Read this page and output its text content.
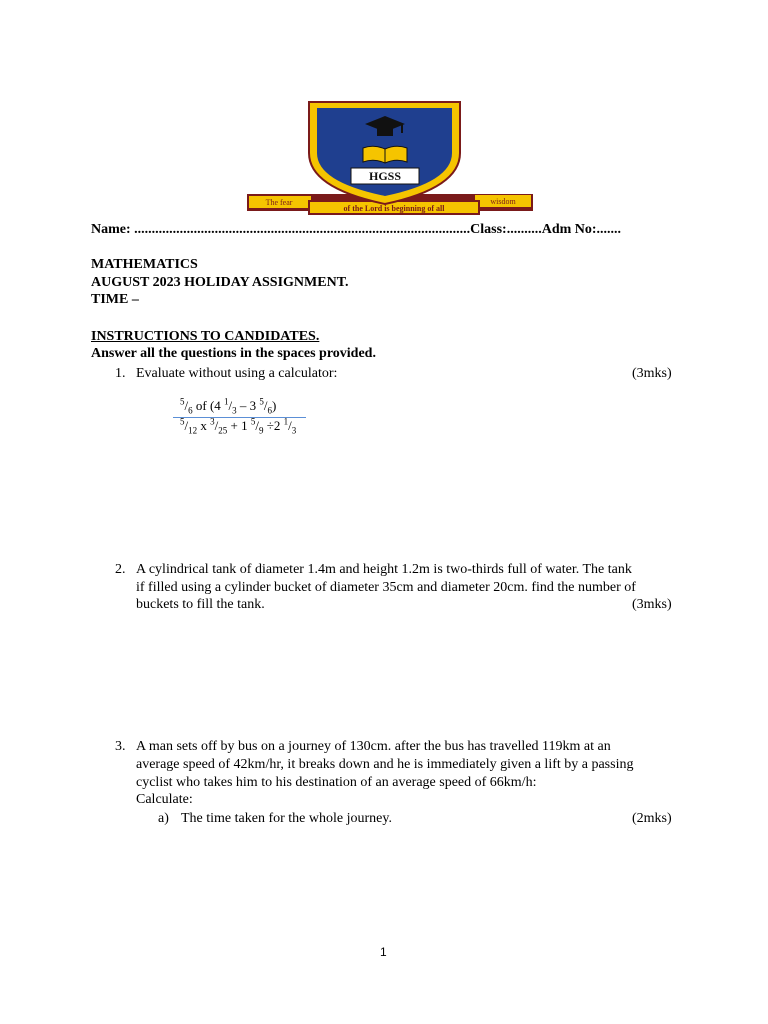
HGSS
The fear
of the Lord is beginning of all
wisdom
Name: ................................................................................................Class:..........Adm No:.......
MATHEMATICS
AUGUST 2023 HOLIDAY ASSIGNMENT.
TIME –
INSTRUCTIONS TO CANDIDATES.
Answer all the questions in the spaces provided.
1. Evaluate without using a calculator:	(3mks)
$^5/_6$ of (4 $^1/_3 - 3$ $^5/_6$)
$^5/_{12}$ x $^3/_{25} + 1$ $^5/_9 \div 2$ $^1/_3$
2. A cylindrical tank of diameter 1.4m and height 1.2m is two-thirds full of water. The tank
if filled using a cylinder bucket of diameter 35cm and diameter 20cm. find the number of
buckets to fill the tank.	(3mks)
3. A man sets off by bus on a journey of 130cm. after the bus has travelled 119km at an
average speed of 42km/hr, it breaks down and he is immediately given a lift by a passing
cyclist who takes him to his destination of an average speed of 66km/h:
Calculate:
a) The time taken for the whole journey.	(2mks)
1
